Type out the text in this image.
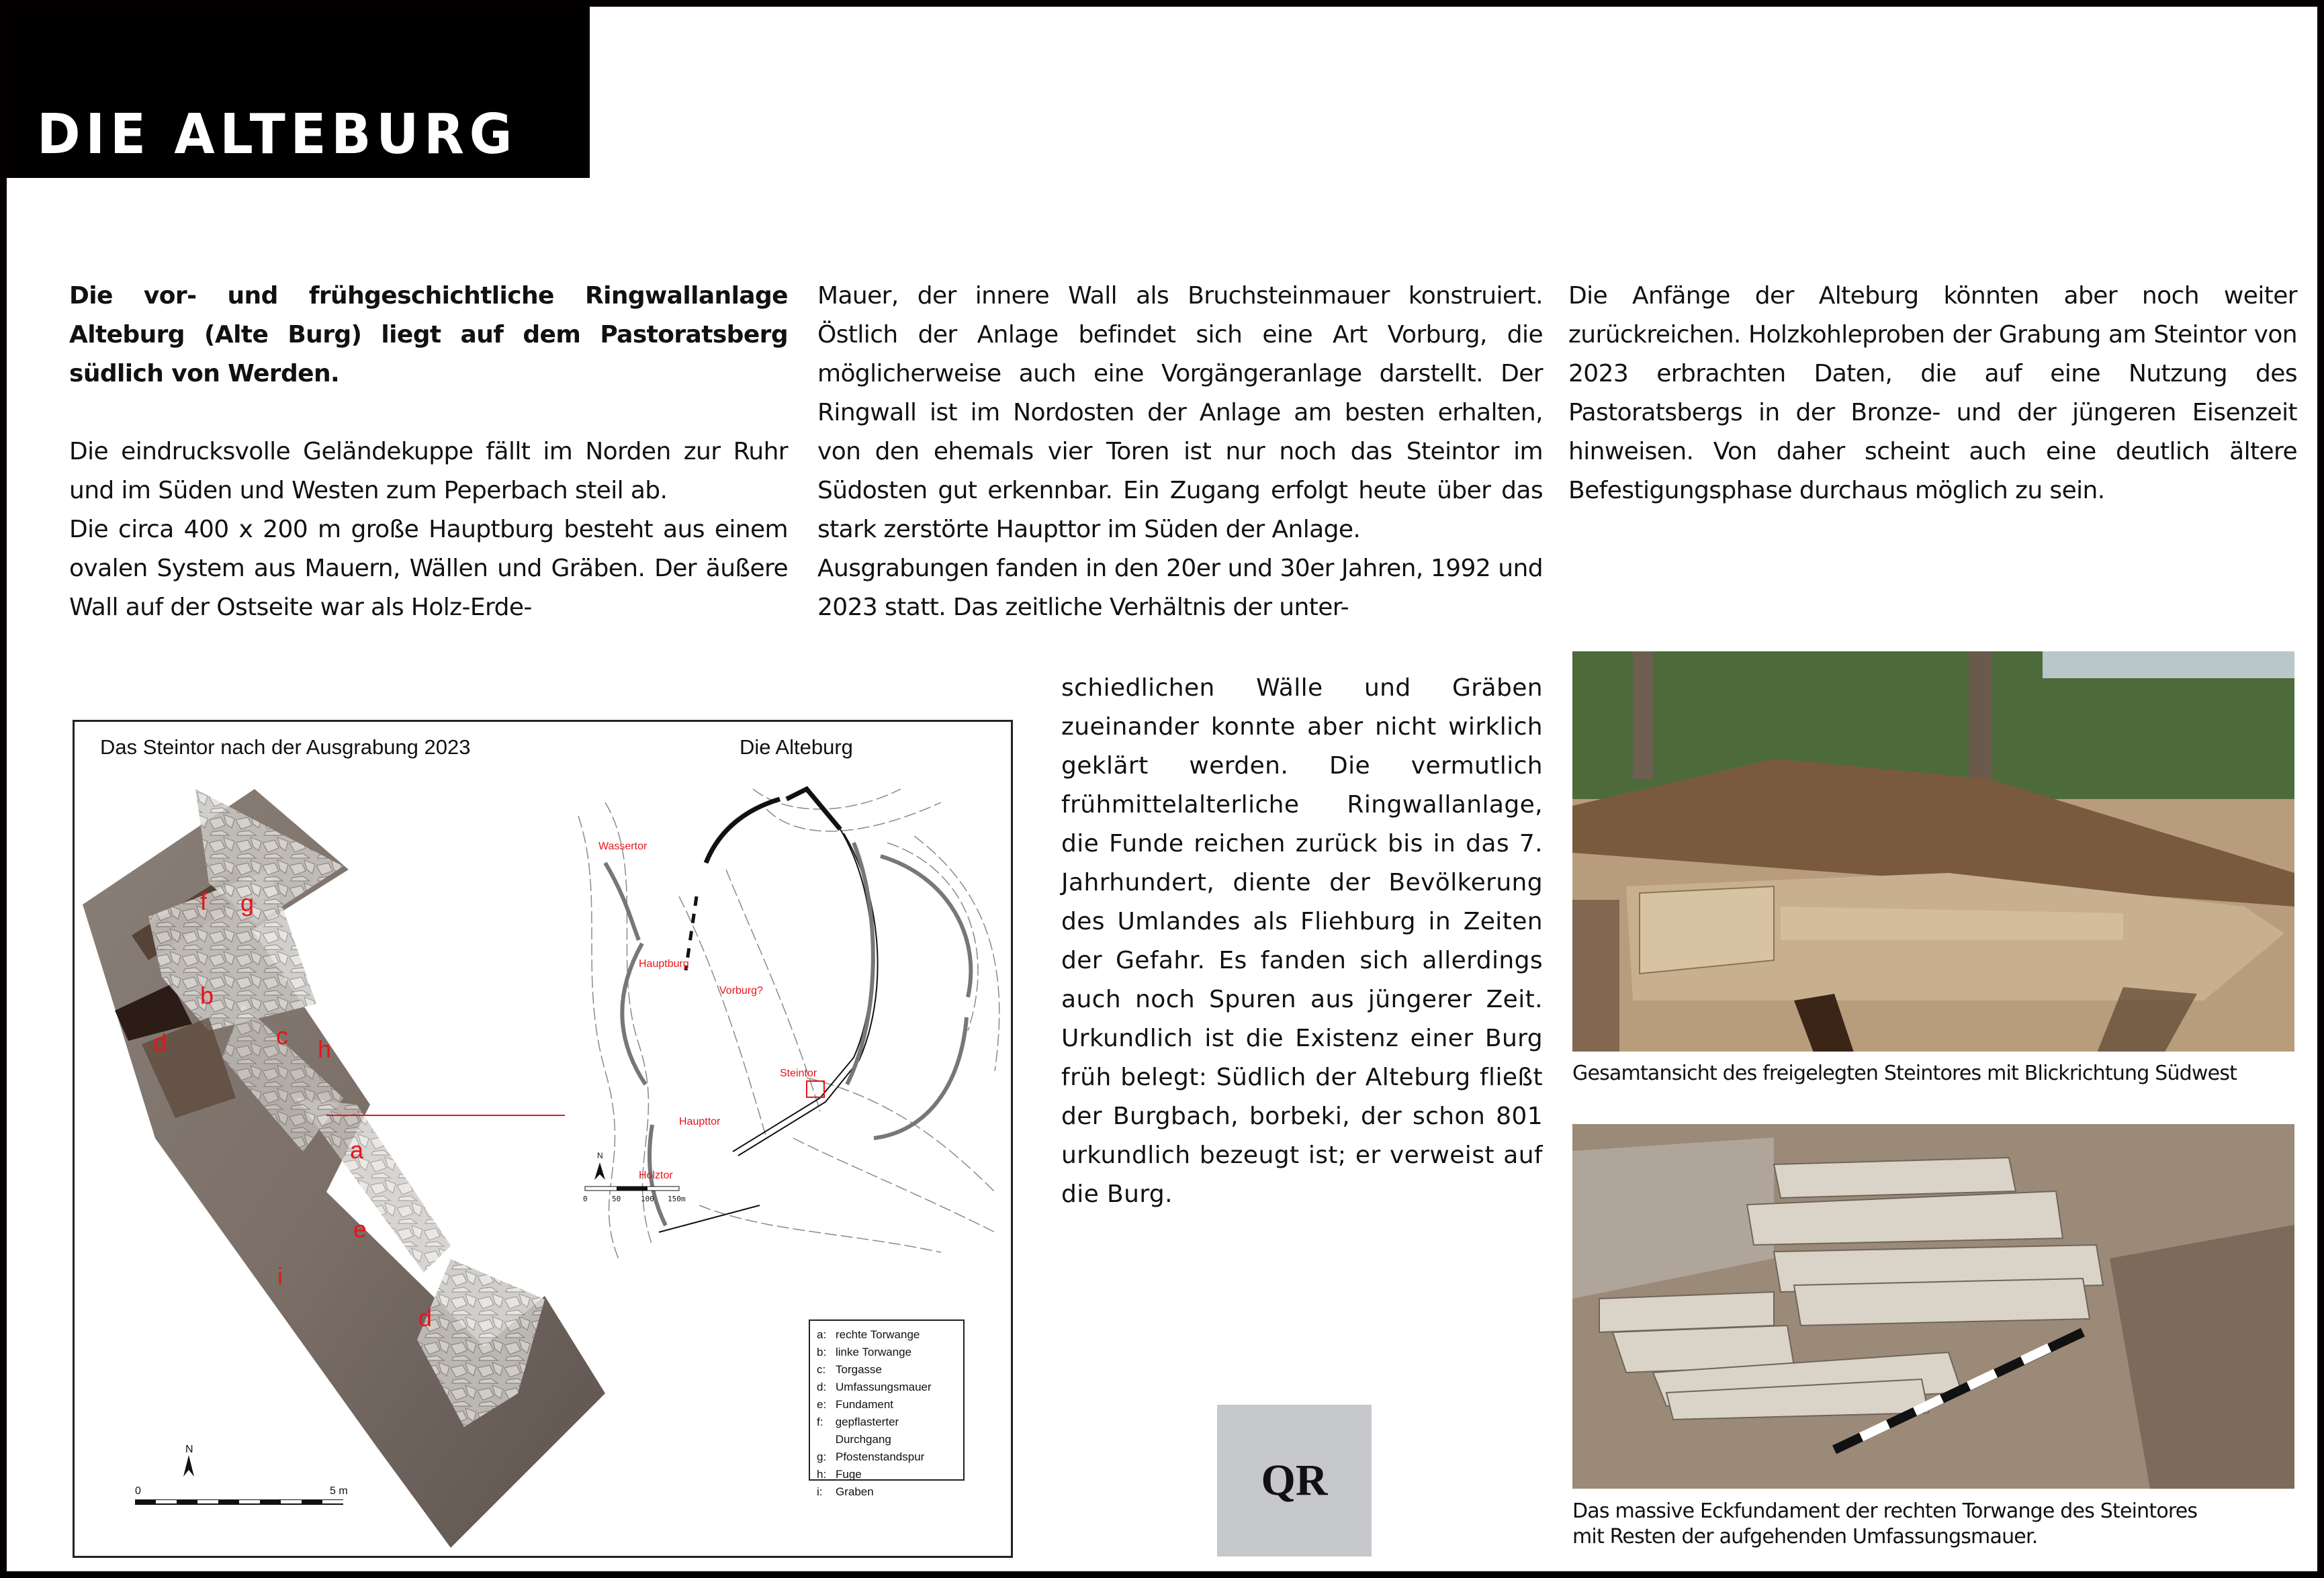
DIE ALTEBURG

Die vor- und frühgeschichtliche Ringwallanlage Alteburg (Alte Burg) liegt auf dem Pastoratsberg südlich von Werden.

Die eindrucksvolle Geländekuppe fällt im Norden zur Ruhr und im Süden und Westen zum Peperbach steil ab.

Die circa 400 x 200 m große Hauptburg besteht aus einem ovalen System aus Mauern, Wällen und Gräben. Der äußere Wall auf der Ostseite war als Holz-Erde-

Mauer, der innere Wall als Bruchsteinmauer konstruiert. Östlich der Anlage befindet sich eine Art Vorburg, die möglicherweise auch eine Vorgängeranlage darstellt. Der Ringwall ist im Nordosten der Anlage am besten erhalten, von den ehemals vier Toren ist nur noch das Steintor im Südosten gut erkennbar. Ein Zugang erfolgt heute über das stark zerstörte Haupttor im Süden der Anlage.

Ausgrabungen fanden in den 20er und 30er Jahren, 1992 und 2023 statt. Das zeitliche Verhältnis der unter-

schiedlichen Wälle und Gräben zueinander konnte aber nicht wirklich geklärt werden. Die vermutlich frühmittelalterliche Ringwallanlage, die Funde reichen zurück bis in das 7. Jahrhundert, diente der Bevölkerung des Umlandes als Fliehburg in Zeiten der Gefahr. Es fanden sich allerdings auch noch Spuren aus jüngerer Zeit. Urkundlich ist die Existenz einer Burg früh belegt: Südlich der Alteburg fließt der Burgbach, borbeki, der schon 801 urkundlich bezeugt ist; er verweist auf die Burg.

Die Anfänge der Alteburg könnten aber noch weiter zurückreichen. Holzkohleproben der Grabung am Steintor von 2023 erbrachten Daten, die auf eine Nutzung des Pastoratsbergs in der Bronze- und der jüngeren Eisenzeit hinweisen. Von daher scheint auch eine deutlich ältere Befestigungsphase durchaus möglich zu sein.

f g
b
d	c h
a
e
i
d
N
0	5 m
Wassertor
Hauptburg
Vorburg?
Steintor
Haupttor
Holztor
N
0	50	100 150m
Das Steintor nach der Ausgrabung 2023	Die Alteburg
a: rechte Torwange
b: linke Torwange
c: Torgasse
d: Umfassungsmauer
e: Fundament
f:	gepflasterter Durchgang
g: Pfostenstandspur
h: Fuge
i:	Graben
Gesamtansicht des freigelegten Steintores mit Blickrichtung Südwest
Das massive Eckfundament der rechten Torwange des Steintores
mit Resten der aufgehenden Umfassungsmauer.
QR
